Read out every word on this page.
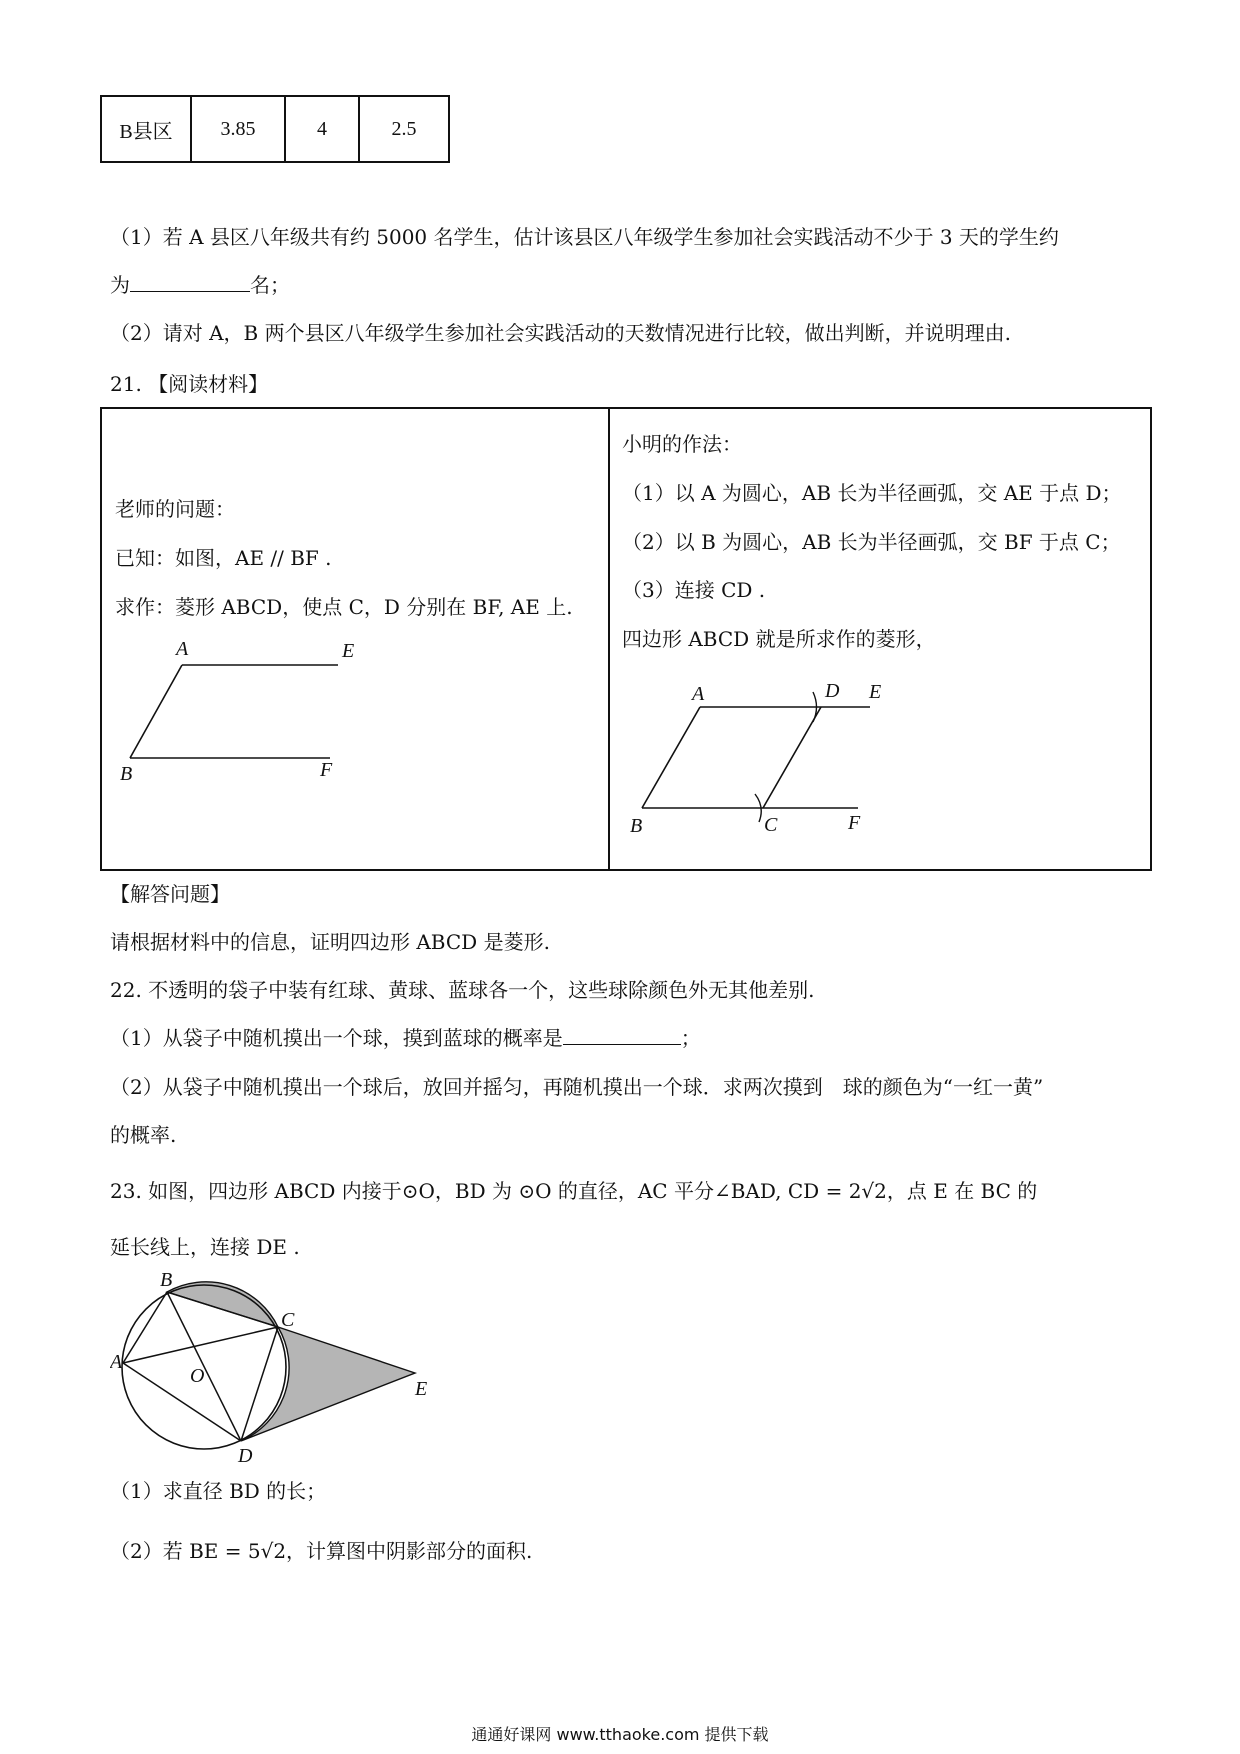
B县区	3.85	4	2.5
（1）若 A 县区八年级共有约 5000 名学生，估计该县区八年级学生参加社会实践活动不少于 3 天的学生约
为	名；
（2）请对 A，B 两个县区八年级学生参加社会实践活动的天数情况进行比较，做出判断，并说明理由.
21. 【阅读材料】
老师的问题：
已知：如图，AE // BF .
求作：菱形 ABCD，使点 C，D 分别在 BF, AE 上.
A	E
B	F
小明的作法：
（1）以 A 为圆心，AB 长为半径画弧，交 AE 于点 D；
（2）以 B 为圆心，AB 长为半径画弧，交 BF 于点 C；
（3）连接 CD .
四边形 ABCD 就是所求作的菱形，
A	D E
B	C	F
【解答问题】
请根据材料中的信息，证明四边形 ABCD 是菱形.
22. 不透明的袋子中装有红球、黄球、蓝球各一个，这些球除颜色外无其他差别.
（1）从袋子中随机摸出一个球，摸到蓝球的概率是	；
（2）从袋子中随机摸出一个球后，放回并摇匀，再随机摸出一个球．求两次摸到　球的颜色为“一红一黄”
的概率.
23. 如图，四边形 ABCD 内接于⊙O，BD 为 ⊙O 的直径，AC 平分∠BAD, CD = 2√2，点 E 在 BC 的
延长线上，连接 DE .
B
C
A
O
E
D
（1）求直径 BD 的长；
（2）若 BE = 5√2，计算图中阴影部分的面积.
通通好课网 www.tthaoke.com 提供下载
